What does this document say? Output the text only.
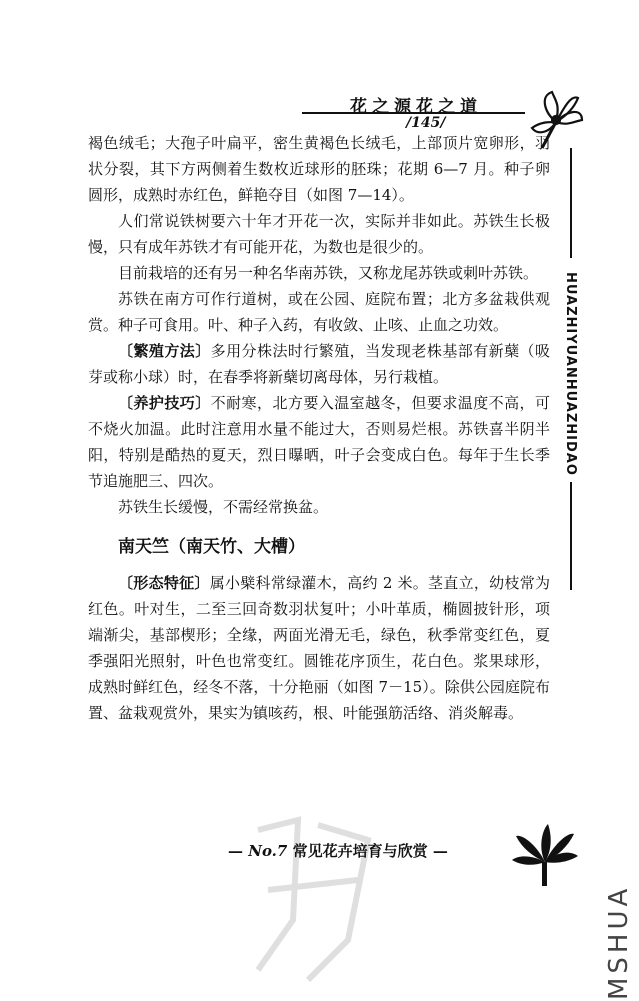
花之源花之道
/145/
HUAZHIYUANHUAZHIDAO

褐色绒毛；大孢子叶扁平，密生黄褐色长绒毛，上部顶片宽卵形，羽状分裂，其下方两侧着生数枚近球形的胚珠；花期 6—7 月。种子卵圆形，成熟时赤红色，鲜艳夺目（如图 7—14）。

人们常说铁树要六十年才开花一次，实际并非如此。苏铁生长极慢，只有成年苏铁才有可能开花，为数也是很少的。

目前栽培的还有另一种名华南苏铁，又称龙尾苏铁或刺叶苏铁。

苏铁在南方可作行道树，或在公园、庭院布置；北方多盆栽供观赏。种子可食用。叶、种子入药，有收敛、止咳、止血之功效。

〔繁殖方法〕多用分株法时行繁殖，当发现老株基部有新蘖（吸芽或称小球）时，在春季将新蘖切离母体，另行栽植。

〔养护技巧〕不耐寒，北方要入温室越冬，但要求温度不高，可不烧火加温。此时注意用水量不能过大，否则易烂根。苏铁喜半阴半阳，特别是酷热的夏天，烈日曝晒，叶子会变成白色。每年于生长季节追施肥三、四次。

苏铁生长缓慢，不需经常换盆。

南天竺（南天竹、大槽）

〔形态特征〕属小檗科常绿灌木，高约 2 米。茎直立，幼枝常为红色。叶对生，二至三回奇数羽状复叶；小叶革质，椭圆披针形，项端渐尖，基部楔形；全缘，两面光滑无毛，绿色，秋季常变红色，夏季强阳光照射，叶色也常变红。圆锥花序顶生，花白色。浆果球形，成熟时鲜红色，经冬不落，十分艳丽（如图 7－15）。除供公园庭院布置、盆栽观赏外，果实为镇咳药，根、叶能强筋活络、消炎解毒。

— No.7 常见花卉培育与欣赏 —
MSHUA
